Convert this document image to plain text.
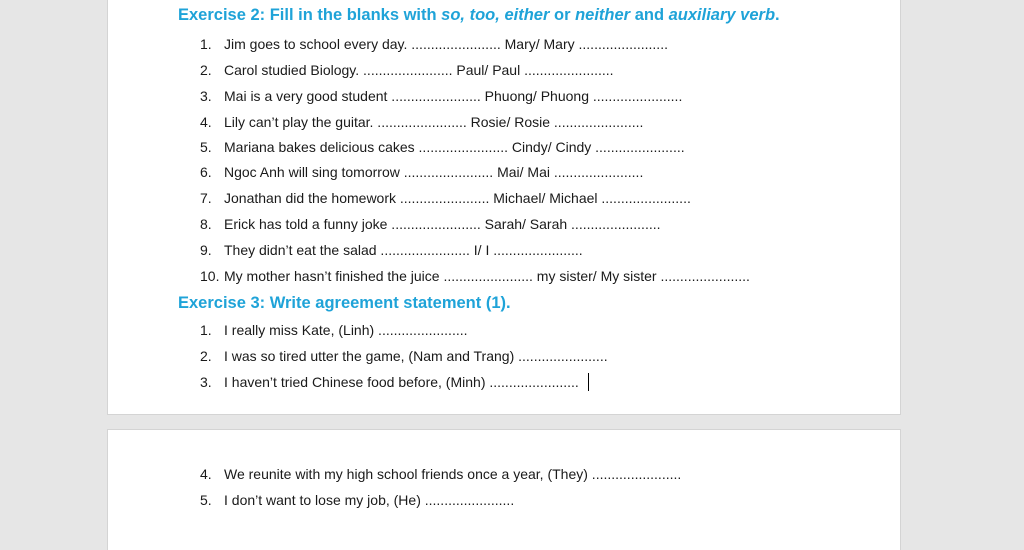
Exercise 2: Fill in the blanks with so, too, either or neither and auxiliary verb.
1. Jim goes to school every day. ....................... Mary/ Mary .......................
2. Carol studied Biology. ....................... Paul/ Paul .......................
3. Mai is a very good student ....................... Phuong/ Phuong .......................
4. Lily can’t play the guitar. ....................... Rosie/ Rosie .......................
5. Mariana bakes delicious cakes ....................... Cindy/ Cindy .......................
6. Ngoc Anh will sing tomorrow ....................... Mai/ Mai .......................
7. Jonathan did the homework ....................... Michael/ Michael .......................
8. Erick has told a funny joke ....................... Sarah/ Sarah .......................
9. They didn’t eat the salad ....................... I/ I .......................
10. My mother hasn’t finished the juice ....................... my sister/ My sister .......................
Exercise 3: Write agreement statement (1).
1. I really miss Kate, (Linh) .......................
2. I was so tired utter the game, (Nam and Trang) .......................
3. I haven’t tried Chinese food before, (Minh) .......................
4. We reunite with my high school friends once a year, (They) .......................
5. I don’t want to lose my job, (He) .......................
